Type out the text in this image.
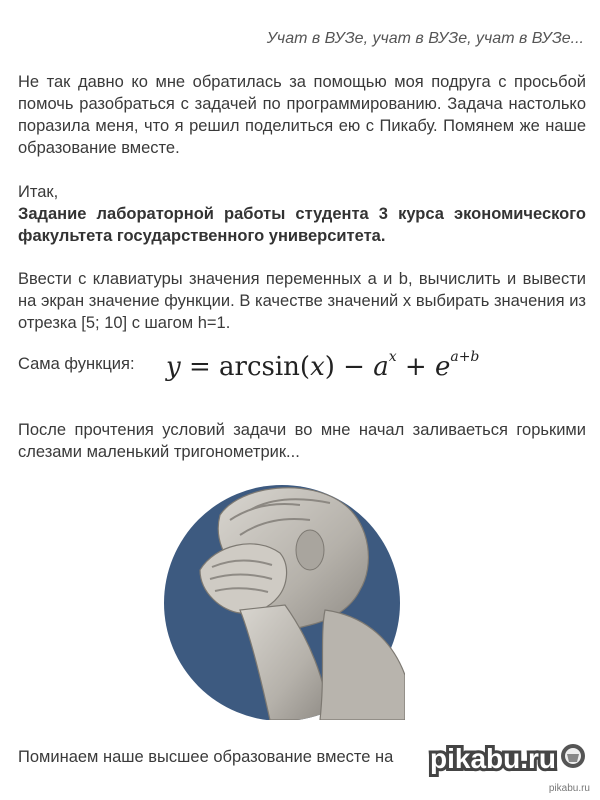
Учат в ВУЗе, учат в ВУЗе, учат в ВУЗе...
Не так давно ко мне обратилась за помощью моя подруга с просьбой помочь разобраться с задачей по программированию. Задача настолько поразила меня, что я решил поделиться ею с Пикабу. Помянем же наше образование вместе.
Итак,
Задание лабораторной работы студента 3 курса экономического факультета государственного университета.
Ввести с клавиатуры значения переменных a и b, вычислить и вывести на экран значение функции. В качестве значений x выбирать значения из отрезка [5; 10] с шагом h=1.
Сама функция: $y = \arcsin(x) - a^x + e^{a+b}$
После прочтения условий задачи во мне начал заливаеться горькими слезами маленький тригонометрик...
Поминаем наше высшее образование вместе на pikabu.ru
pikabu.ru
